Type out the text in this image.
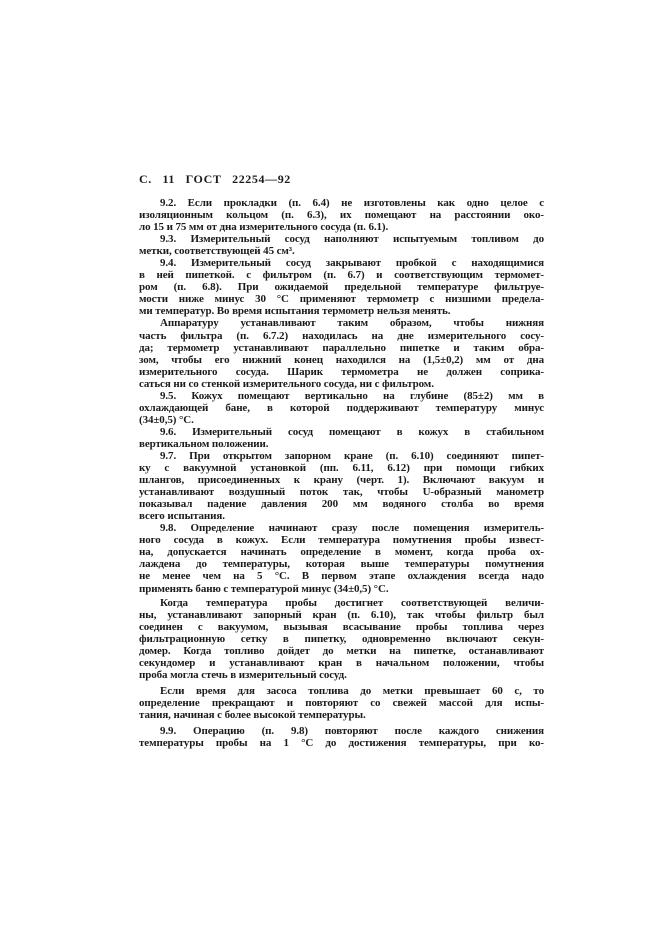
С. 11 ГОСТ 22254—92

9.2. Если прокладки (п. 6.4) не изготовлены как одно целое с
изоляционным кольцом (п. 6.3), их помещают на расстоянии око-
ло 15 и 75 мм от дна измерительного сосуда (п. 6.1).

9.3. Измерительный сосуд наполняют испытуемым топливом до
метки, соответствующей 45 см³.

9.4. Измерительный сосуд закрывают пробкой с находящимися
в ней пипеткой. с фильтром (п. 6.7) и соответствующим термомет-
ром (п. 6.8). При ожидаемой предельной температуре фильтруе-
мости ниже минус 30 °С применяют термометр с низшими предела-
ми температур. Во время испытания термометр нельзя менять.

Аппаратуру устанавливают таким образом, чтобы нижняя
часть фильтра (п. 6.7.2) находилась на дне измерительного сосу-
да; термометр устанавливают параллельно пипетке и таким обра-
зом, чтобы его нижний конец находился на (1,5±0,2) мм от дна
измерительного сосуда. Шарик термометра не должен соприка-
саться ни со стенкой измерительного сосуда, ни с фильтром.

9.5. Кожух помещают вертикально на глубине (85±2) мм в
охлаждающей бане, в которой поддерживают температуру минус
(34±0,5) °С.

9.6. Измерительный сосуд помещают в кожух в стабильном
вертикальном положении.

9.7. При открытом запорном кране (п. 6.10) соединяют пипет-
ку с вакуумной установкой (пп. 6.11, 6.12) при помощи гибких
шлангов, присоединенных к крану (черт. 1). Включают вакуум и
устанавливают воздушный поток так, чтобы U-образный манометр
показывал падение давления 200 мм водяного столба во время
всего испытания.

9.8. Определение начинают сразу после помещения измеритель-
ного сосуда в кожух. Если температура помутнения пробы извест-
на, допускается начинать определение в момент, когда проба ох-
лаждена до температуры, которая выше температуры помутнения
не менее чем на 5 °С. В первом этапе охлаждения всегда надо
применять баню с температурой минус (34±0,5) °С.

Когда температура пробы достигнет соответствующей величи-
ны, устанавливают запорный кран (п. 6.10), так чтобы фильтр был
соединен с вакуумом, вызывая всасывание пробы топлива через
фильтрационную сетку в пипетку, одновременно включают секун-
домер. Когда топливо дойдет до метки на пипетке, останавливают
секундомер и устанавливают кран в начальном положении, чтобы
проба могла стечь в измерительный сосуд.

Если время для засоса топлива до метки превышает 60 с, то
определение прекращают и повторяют со свежей массой для испы-
тания, начиная с более высокой температуры.

9.9. Операцию (п. 9.8) повторяют после каждого снижения
температуры пробы на 1 °С до достижения температуры, при ко-
